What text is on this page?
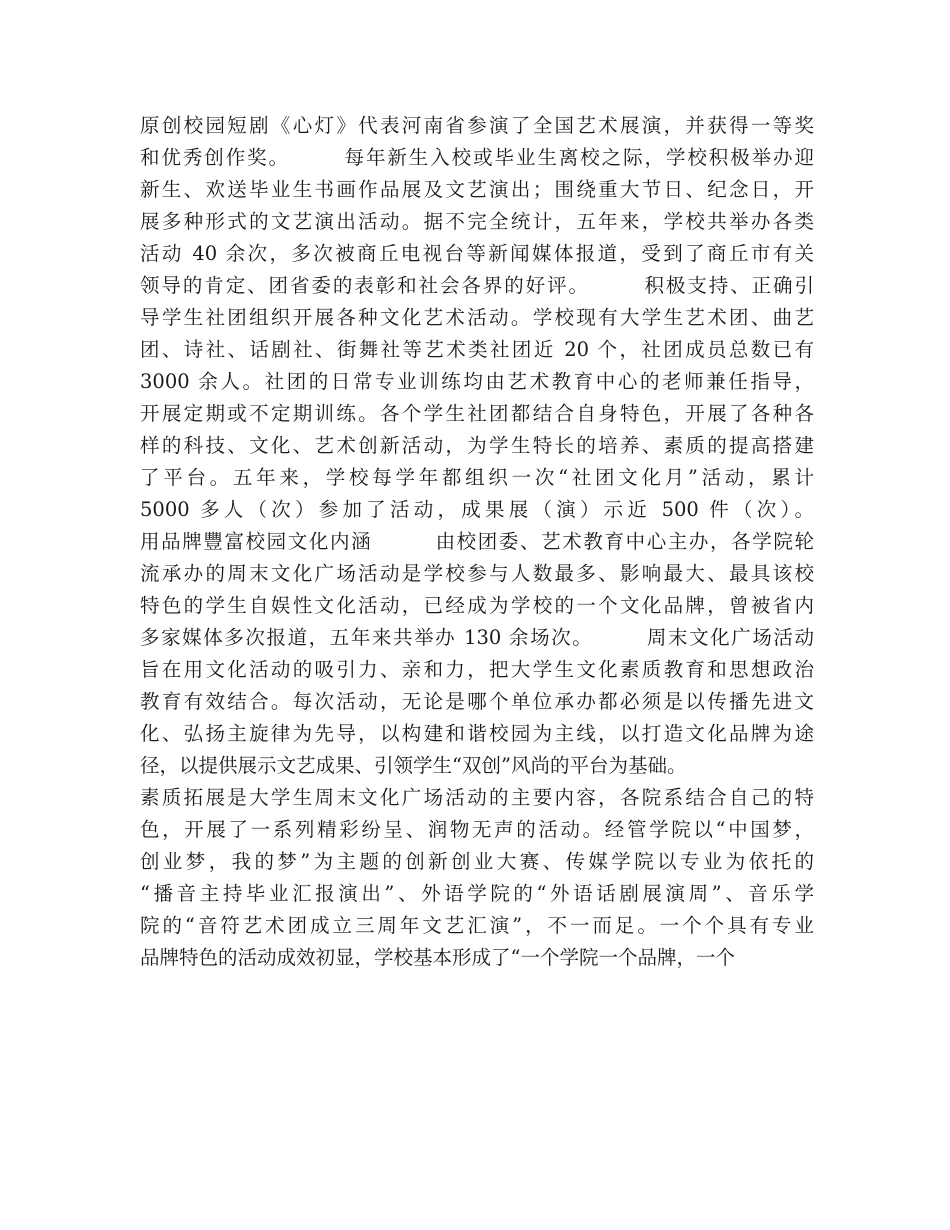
原创校园短剧《心灯》代表河南省参演了全国艺术展演，并获得一等奖
和优秀创作奖。　　　每年新生入校或毕业生离校之际，学校积极举办迎
新生、欢送毕业生书画作品展及文艺演出；围绕重大节日、纪念日，开
展多种形式的文艺演出活动。据不完全统计，五年来，学校共举办各类
活动 40 余次，多次被商丘电视台等新闻媒体报道，受到了商丘市有关
领导的肯定、团省委的表彰和社会各界的好评。　　　积极支持、正确引
导学生社团组织开展各种文化艺术活动。学校现有大学生艺术团、曲艺
团、诗社、话剧社、街舞社等艺术类社团近 20 个，社团成员总数已有
3000 余人。社团的日常专业训练均由艺术教育中心的老师兼任指导，
开展定期或不定期训练。各个学生社团都结合自身特色，开展了各种各
样的科技、文化、艺术创新活动，为学生特长的培养、素质的提高搭建
了平台。五年来，学校每学年都组织一次“社团文化月”活动，累计
5000 多人（次）参加了活动，成果展（演）示近 500 件（次）。
用品牌豐富校园文化内涵　　　由校团委、艺术教育中心主办，各学院轮
流承办的周末文化广场活动是学校参与人数最多、影响最大、最具该校
特色的学生自娱性文化活动，已经成为学校的一个文化品牌，曾被省内
多家媒体多次报道，五年来共举办 130 余场次。　　　周末文化广场活动
旨在用文化活动的吸引力、亲和力，把大学生文化素质教育和思想政治
教育有效结合。每次活动，无论是哪个单位承办都必须是以传播先进文
化、弘扬主旋律为先导，以构建和谐校园为主线，以打造文化品牌为途
径，以提供展示文艺成果、引领学生“双创”风尚的平台为基础。
素质拓展是大学生周末文化广场活动的主要内容，各院系结合自己的特
色，开展了一系列精彩纷呈、润物无声的活动。经管学院以“中国梦，
创业梦，我的梦”为主题的创新创业大赛、传媒学院以专业为依托的
“播音主持毕业汇报演出”、外语学院的“外语话剧展演周”、音乐学
院的“音符艺术团成立三周年文艺汇演”，不一而足。一个个具有专业
品牌特色的活动成效初显，学校基本形成了“一个学院一个品牌，一个
